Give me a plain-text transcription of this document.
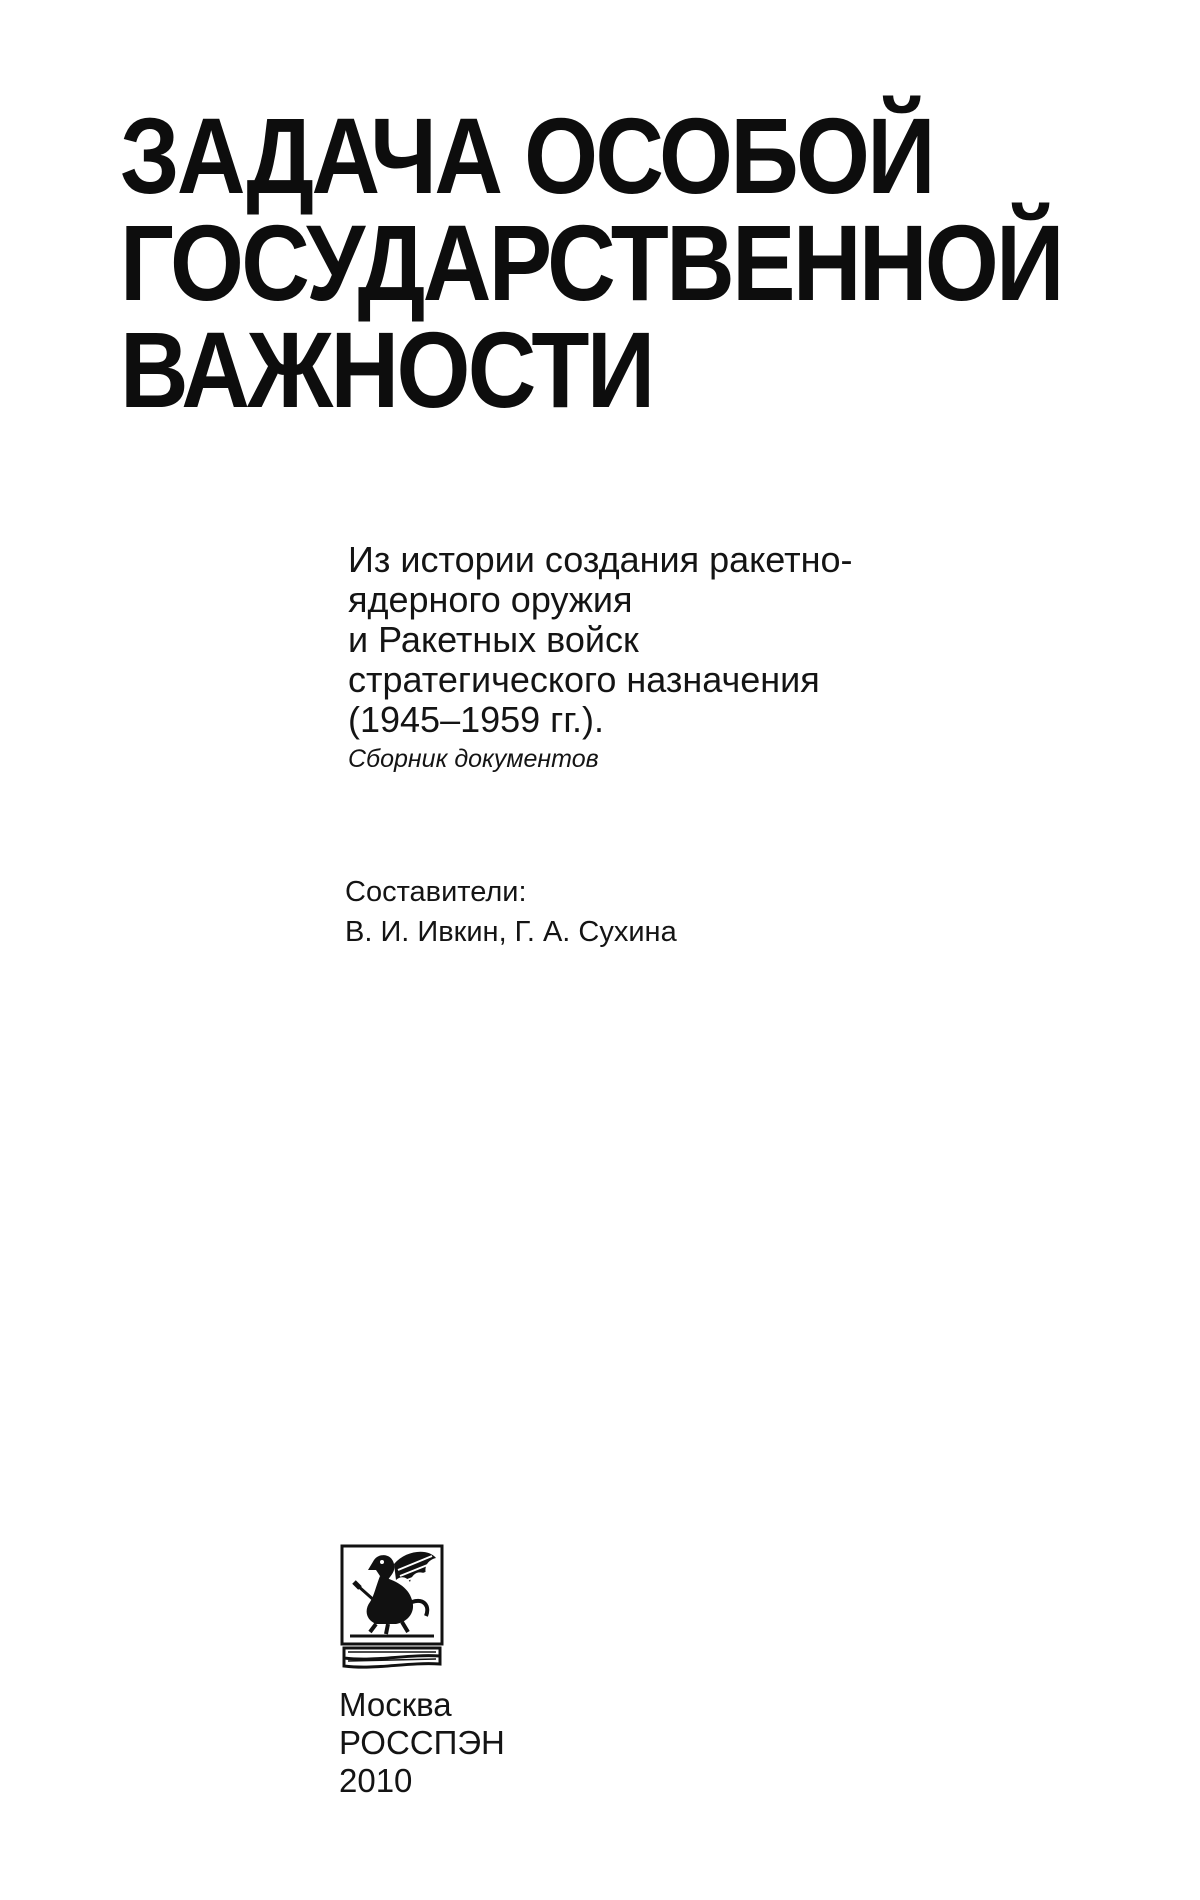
ЗАДАЧА ОСОБОЙ
ГОСУДАРСТВЕННОЙ
ВАЖНОСТИ
Из истории создания ракетно-
ядерного оружия
и Ракетных войск
стратегического назначения
(1945–1959 гг.).
Сборник документов
Составители:
В. И. Ивкин, Г. А. Сухина
Москва
РОССПЭН
2010
